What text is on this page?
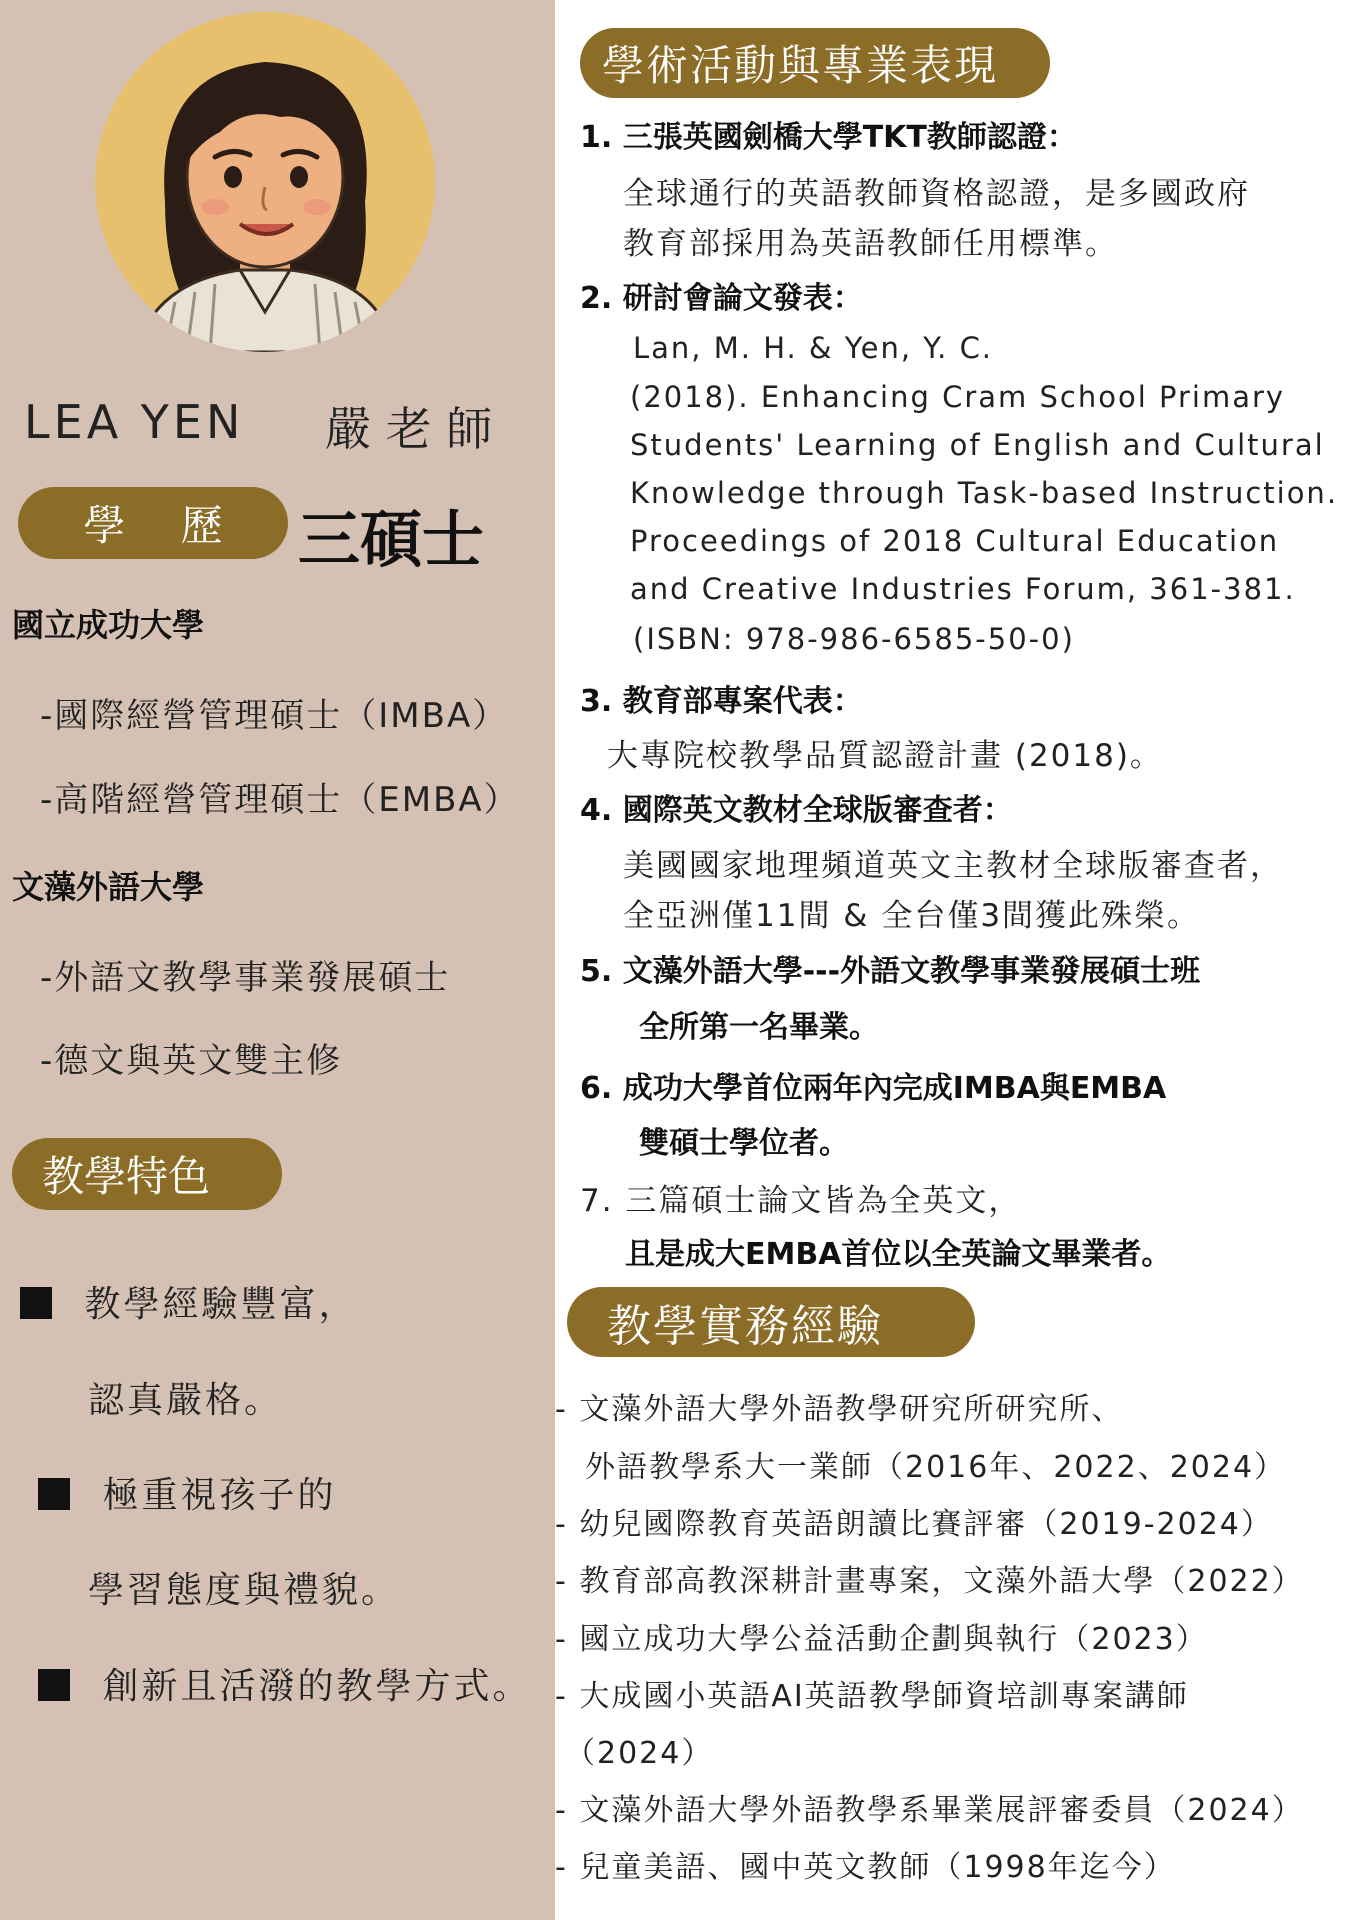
LEA YEN 嚴 老 師
學　 歷 三碩士
國立成功大學
-國際經營管理碩士（IMBA）
-高階經營管理碩士（EMBA）
文藻外語大學
-外語文教學事業發展碩士
-德文與英文雙主修
教學特色
教學經驗豐富，
認真嚴格。
極重視孩子的
學習態度與禮貌。
創新且活潑的教學方式。
學術活動與專業表現
1. 三張英國劍橋大學TKT教師認證：
全球通行的英語教師資格認證，是多國政府
教育部採用為英語教師任用標準。
2. 研討會論文發表：
Lan, M. H. & Yen, Y. C.
(2018). Enhancing Cram School Primary
Students' Learning of English and Cultural
Knowledge through Task-based Instruction.
Proceedings of 2018 Cultural Education
and Creative Industries Forum, 361-381.
(ISBN: 978-986-6585-50-0)
3. 教育部專案代表：
大專院校教學品質認證計畫 (2018)。
4. 國際英文教材全球版審查者：
美國國家地理頻道英文主教材全球版審查者，
全亞洲僅11間 & 全台僅3間獲此殊榮。
5. 文藻外語大學---外語文教學事業發展碩士班
全所第一名畢業。
6. 成功大學首位兩年內完成IMBA與EMBA
雙碩士學位者。
7. 三篇碩士論文皆為全英文，
且是成大EMBA首位以全英論文畢業者。
教學實務經驗
- 文藻外語大學外語教學研究所研究所、
外語教學系大一業師（2016年、2022、2024）
- 幼兒國際教育英語朗讀比賽評審（2019-2024）
- 教育部高教深耕計畫專案，文藻外語大學（2022）
- 國立成功大學公益活動企劃與執行（2023）
- 大成國小英語AI英語教學師資培訓專案講師
（2024）
- 文藻外語大學外語教學系畢業展評審委員（2024）
- 兒童美語、國中英文教師（1998年迄今）
